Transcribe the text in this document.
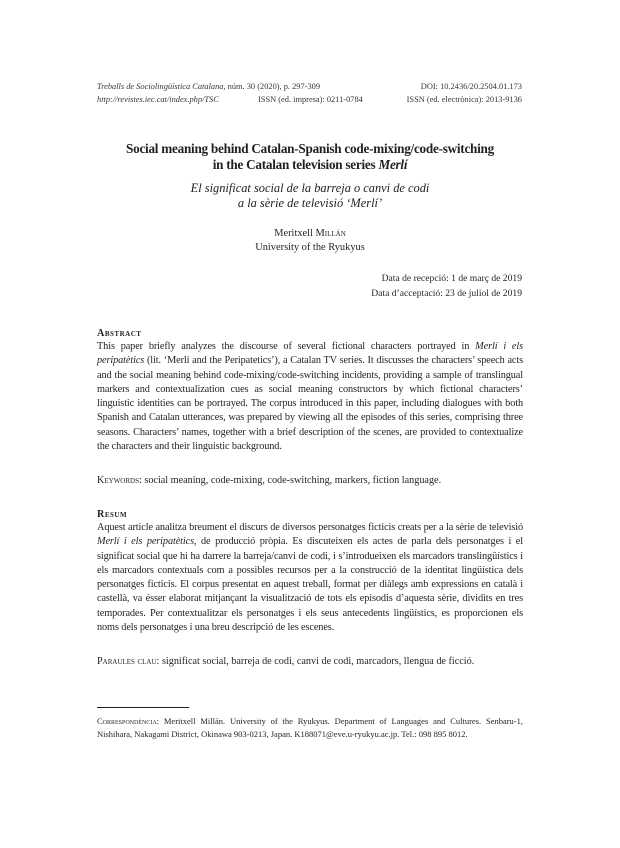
Treballs de Sociolingüística Catalana, núm. 30 (2020), p. 297-309	DOI: 10.2436/20.2504.01.173
http://revistes.iec.cat/index.php/TSC	ISSN (ed. impresa): 0211-0784	ISSN (ed. electrònica): 2013-9136
Social meaning behind Catalan-Spanish code-mixing/code-switching
in the Catalan television series Merlí
El significat social de la barreja o canvi de codi
a la sèrie de televisió ‘Merlí’
Meritxell Millán
University of the Ryukyus
Data de recepció: 1 de març de 2019
Data d’acceptació: 23 de juliol de 2019
Abstract
This paper briefly analyzes the discourse of several fictional characters portrayed in Merlí i els peripatètics (lit. ‘Merlí and the Peripatetics’), a Catalan TV series. It discusses the characters’ speech acts and the social meaning behind code-mixing/code-switching incidents, providing a sample of translingual markers and contextualization cues as social meaning constructors by which fictional characters’ linguistic identities can be portrayed. The corpus introduced in this paper, including dialogues with both Spanish and Catalan utterances, was prepared by viewing all the episodes of this series, comprising three seasons. Characters’ names, together with a brief description of the scenes, are provided to contextualize the characters and their linguistic background.
Keywords: social meaning, code-mixing, code-switching, markers, fiction language.
Resum
Aquest article analitza breument el discurs de diversos personatges ficticis creats per a la sèrie de televisió Merlí i els peripatètics, de producció pròpia. Es discuteixen els actes de parla dels personatges i el significat social que hi ha darrere la barreja/canvi de codi, i s’introdueixen els marcadors translingüístics i els marcadors contextuals com a possibles recursos per a la construcció de la identitat lingüística dels personatges ficticis. El corpus presentat en aquest treball, format per diàlegs amb expressions en català i castellà, va ésser elaborat mitjançant la visualització de tots els episodis d’aquesta sèrie, dividits en tres temporades. Per contextualitzar els personatges i els seus antecedents lingüístics, es proporcionen els noms dels personatges i una breu descripció de les escenes.
Paraules clau: significat social, barreja de codi, canvi de codi, marcadors, llengua de ficció.
Correspondència: Meritxell Millán. University of the Ryukyus. Department of Languages and Cultures. Senbaru-1, Nishihara, Nakagami District, Okinawa 903-0213, Japan. K188071@eve.u-ryukyu.ac.jp. Tel.: 098 895 8012.
